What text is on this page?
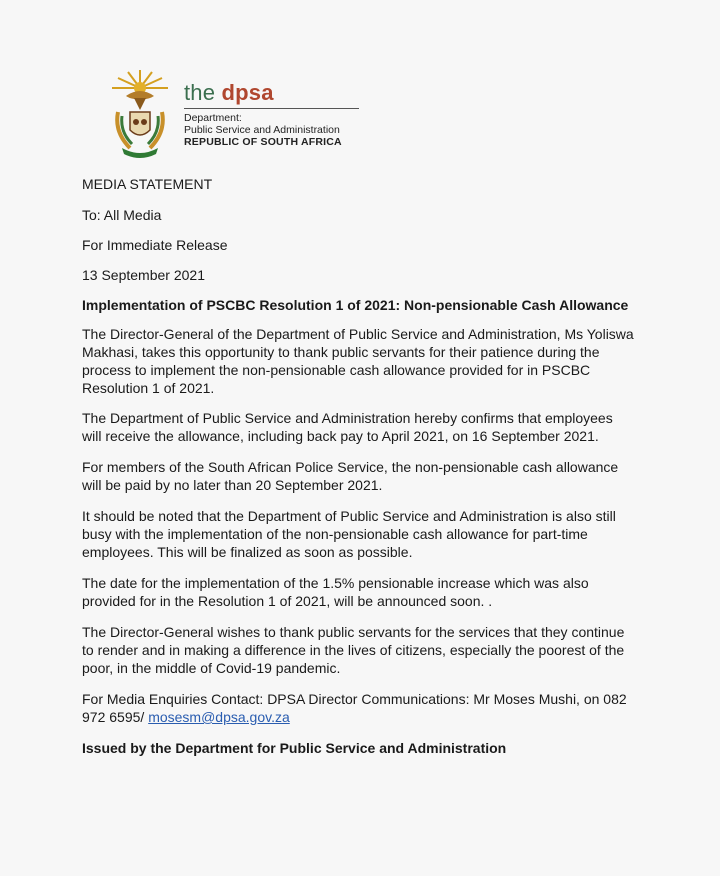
the dpsa
Department:
Public Service and Administration
REPUBLIC OF SOUTH AFRICA

MEDIA STATEMENT

To: All Media

For Immediate Release

13 September 2021

Implementation of PSCBC Resolution 1 of 2021: Non-pensionable Cash Allowance

The Director-General of the Department of Public Service and Administration, Ms Yoliswa Makhasi, takes this opportunity to thank public servants for their patience during the process to implement the non-pensionable cash allowance provided for in PSCBC Resolution 1 of 2021.

The Department of Public Service and Administration hereby confirms that employees will receive the allowance, including back pay to April 2021, on 16 September 2021.

For members of the South African Police Service, the non-pensionable cash allowance will be paid by no later than 20 September 2021.

It should be noted that the Department of Public Service and Administration is also still busy with the implementation of the non-pensionable cash allowance for part-time employees. This will be finalized as soon as possible.

The date for the implementation of the 1.5% pensionable increase which was also provided for in the Resolution 1 of 2021, will be announced soon. .

The Director-General wishes to thank public servants for the services that they continue to render and in making a difference in the lives of citizens, especially the poorest of the poor, in the middle of Covid-19 pandemic.

For Media Enquiries Contact: DPSA Director Communications: Mr Moses Mushi, on 082 972 6595/ mosesm@dpsa.gov.za

Issued by the Department for Public Service and Administration
